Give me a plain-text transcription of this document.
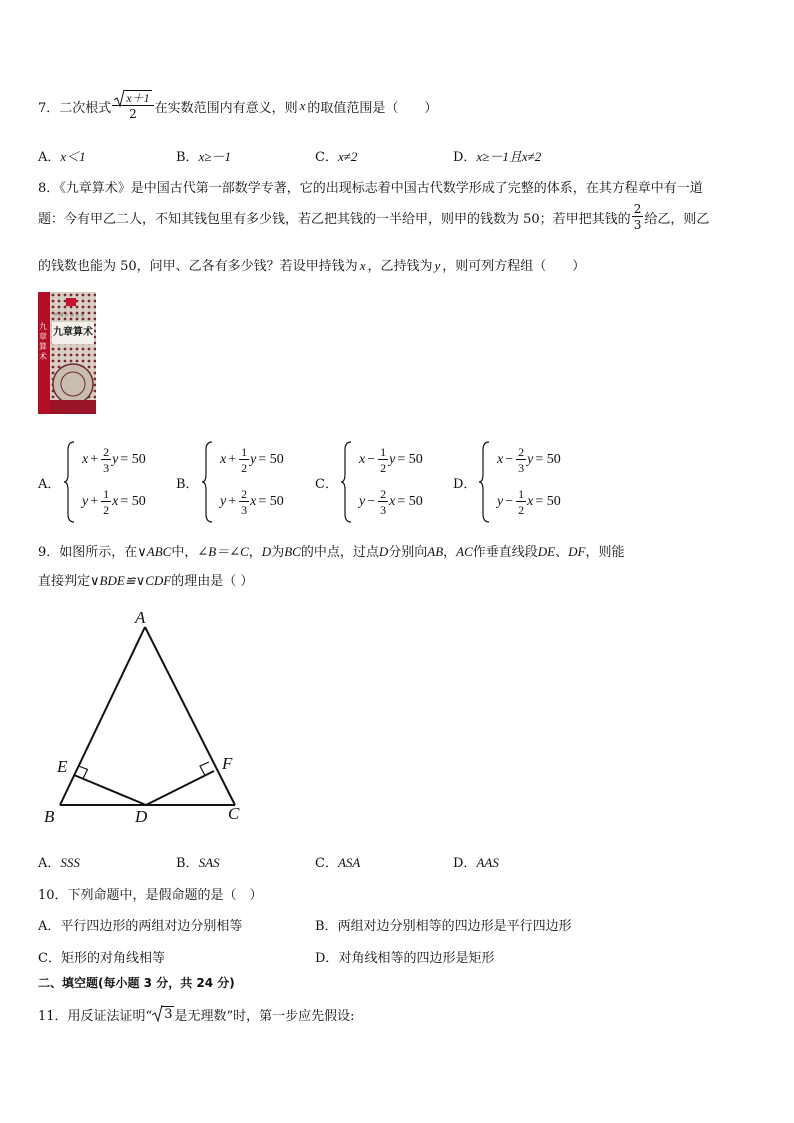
7．二次根式 $\frac{x+1}{2}$ 在实数范围内有意义，则 x 的取值范围是（　　）
A．x＜1	B．x≥－1	C．x≠2	D．x≥－1且x≠2
8．《九章算术》是中国古代第一部数学专著，它的出现标志着中国古代数学形成了完整的体系，在其方程章中有一道
题：今有甲乙二人，不知其钱包里有多少钱，若乙把其钱的一半给甲，则甲的钱数为 50；若甲把其钱的 $\frac{2}{3}$ 给乙，则乙
的钱数也能为 50，问甲、乙各有多少钱？若设甲持钱为 x ，乙持钱为 y ，则可列方程组（　　）
中 国 古 典 名 著
九章算术
九章算术
A．
$x + \frac{2}{3}$ y = 50
$y + \frac{1}{2}$ x = 50
B．
$x + \frac{1}{2}$ y = 50
$y + \frac{2}{3}$ x = 50
C．
$x - \frac{1}{2}$ y = 50
$y - \frac{2}{3}$ x = 50
D．
$x - \frac{2}{3}$ y = 50
$y - \frac{1}{2}$ x = 50
9．如图所示，在∨ABC中，∠B＝∠C，D为BC的中点，过点D分别向AB，AC作垂直线段DE、DF，则能
直接判定∨BDE≌∨CDF的理由是（ ）
A
E	F
B	D	C
A．SSS	B．SAS	C．ASA	D．AAS
10．下列命题中，是假命题的是（　）
A．平行四边形的两组对边分别相等	B．两组对边分别相等的四边形是平行四边形
C．矩形的对角线相等	D．对角线相等的四边形是矩形
二、填空题(每小题 3 分，共 24 分)
11．用反证法证明“ 3 是无理数”时，第一步应先假设:
